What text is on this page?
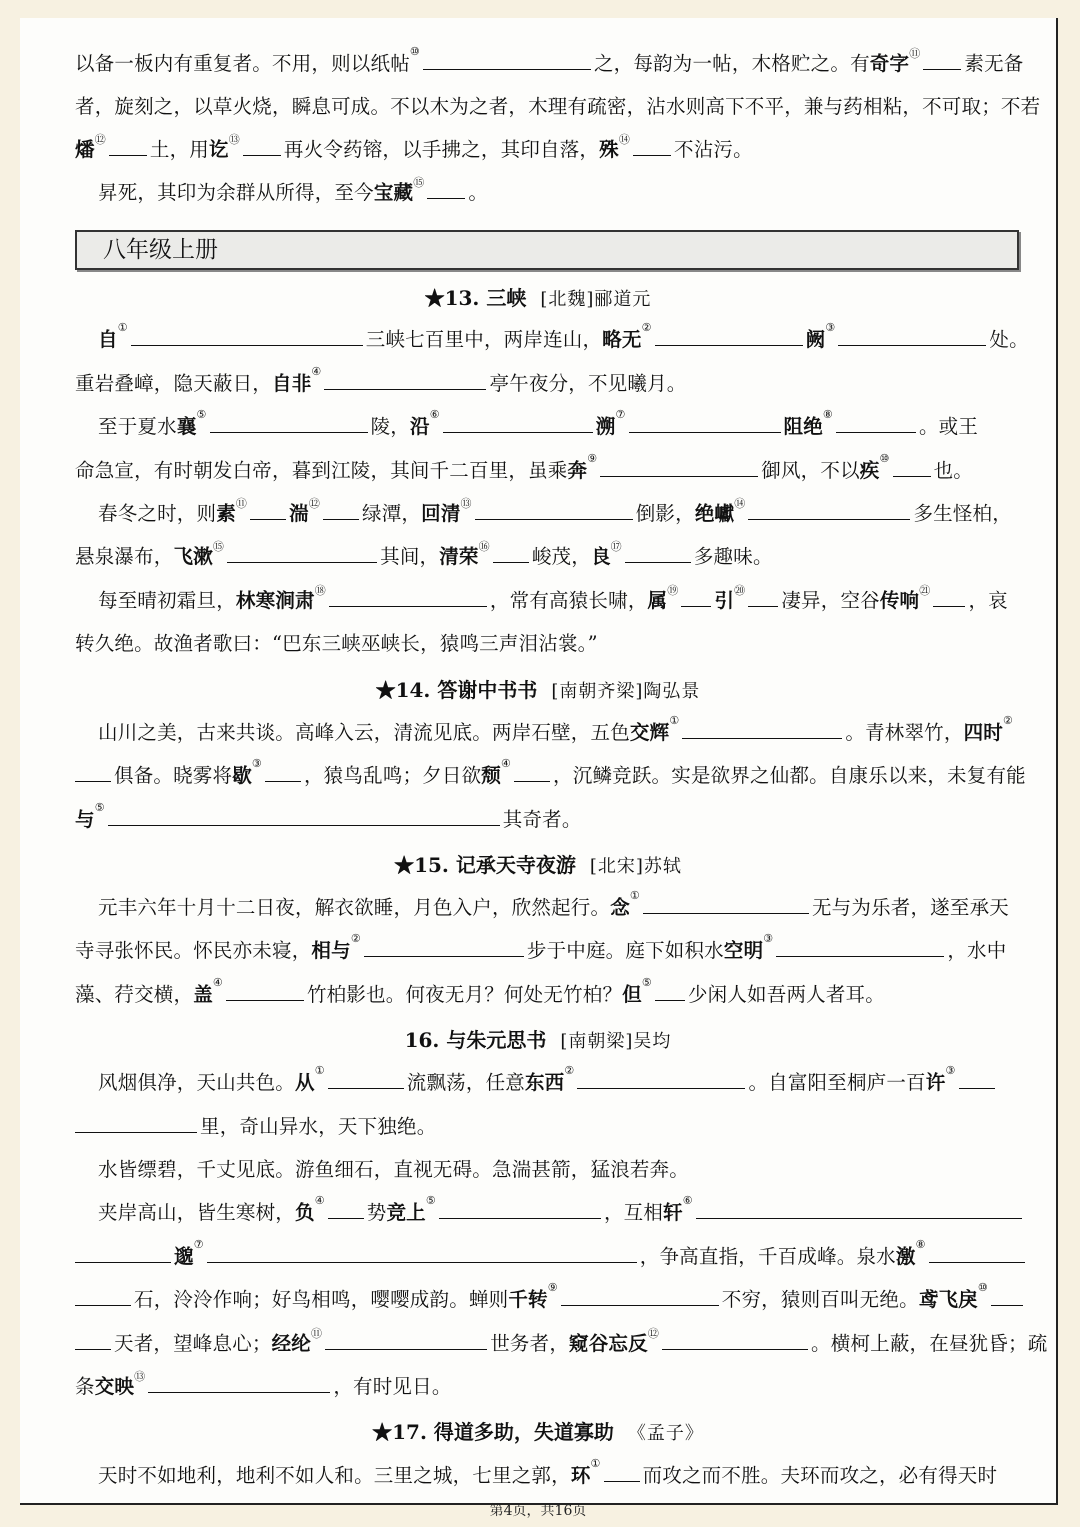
以备一板内有重复者。不用，则以纸帖⑩之，每韵为一帖，木格贮之。有奇字⑪ 素无备
者，旋刻之，以草火烧，瞬息可成。不以木为之者，木理有疏密，沾水则高下不平，兼与药相粘，不可取；不若
燔⑫ 土，用讫⑬ 再火令药镕，以手拂之，其印自落，殊⑭ 不沾污。
昇死，其印为余群从所得，至今宝藏⑮ 。
八年级上册
★13. 三峡 [北魏]郦道元
自①三峡七百里中，两岸连山，略无②阙③处。
重岩叠嶂，隐天蔽日，自非④亭午夜分，不见曦月。
至于夏水襄⑤陵，沿⑥溯⑦阻绝⑧。或王
命急宣，有时朝发白帝，暮到江陵，其间千二百里，虽乘奔⑨御风，不以疾⑩也。
春冬之时，则素⑪ 湍⑫ 绿潭，回清⑬	倒影，绝巘⑭	多生怪柏，
悬泉瀑布，飞漱⑮	其间，清荣⑯ 峻茂，良⑰	多趣味。
每至晴初霜旦，林寒涧肃⑱	，常有高猿长啸，属⑲ 引⑳ 凄异，空谷传响$^㉑$ ，哀
转久绝。故渔者歌曰：“巴东三峡巫峡长，猿鸣三声泪沾裳。”
★14. 答谢中书书 [南朝齐梁]陶弘景
山川之美，古来共谈。高峰入云，清流见底。两岸石壁，五色交辉①。青林翠竹，四时②
俱备。晓雾将歇③，猿鸟乱鸣；夕日欲颓④，沉鳞竞跃。实是欲界之仙都。自康乐以来，未复有能
与⑤其奇者。
★15. 记承天寺夜游 [北宋]苏轼
元丰六年十月十二日夜，解衣欲睡，月色入户，欣然起行。念①无与为乐者，遂至承天
寺寻张怀民。怀民亦未寝，相与②步于中庭。庭下如积水空明③，水中
藻、荇交横，盖④竹柏影也。何夜无月？何处无竹柏？但⑤少闲人如吾两人者耳。
16. 与朱元思书 [南朝梁]吴均
风烟俱净，天山共色。从①流飘荡，任意东西②。自富阳至桐庐一百许③
里，奇山异水，天下独绝。
水皆缥碧，千丈见底。游鱼细石，直视无碍。急湍甚箭，猛浪若奔。
夹岸高山，皆生寒树，负④势竞上⑤，互相轩⑥
邈⑦，争高直指，千百成峰。泉水激⑧
石，泠泠作响；好鸟相鸣，嘤嘤成韵。蝉则千转⑨不穷，猿则百叫无绝。鸢飞戾⑩
天者，望峰息心；经纶⑪	世务者，窥谷忘反⑫	。横柯上蔽，在昼犹昏；疏
条交映⑬	，有时见日。
★17. 得道多助，失道寡助 《孟子》
天时不如地利，地利不如人和。三里之城，七里之郭，环①而攻之而不胜。夫环而攻之，必有得天时
第4页，共16页
